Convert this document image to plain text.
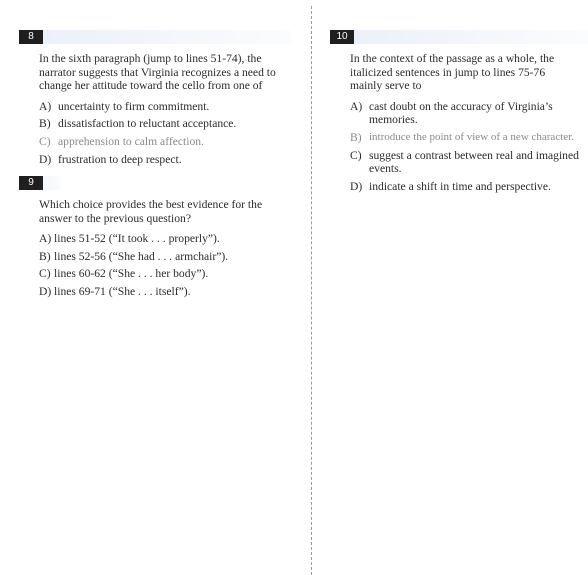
8

In the sixth paragraph (jump to lines 51-74), the narrator suggests that Virginia recognizes a need to change her attitude toward the cello from one of

A) uncertainty to firm commitment.
B) dissatisfaction to reluctant acceptance.
C) apprehension to calm affection.
D) frustration to deep respect.
9

Which choice provides the best evidence for the answer to the previous question?

A) lines 51-52 (“It took . . . properly”).
B) lines 52-56 (“She had . . . armchair”).
C) lines 60-62 (“She . . . her body”).
D) lines 69-71 (“She . . . itself”).
10

In the context of the passage as a whole, the italicized sentences in jump to lines 75-76 mainly serve to

A) cast doubt on the accuracy of Virginia’s memories.
B) introduce the point of view of a new character.
C) suggest a contrast between real and imagined events.
D) indicate a shift in time and perspective.
